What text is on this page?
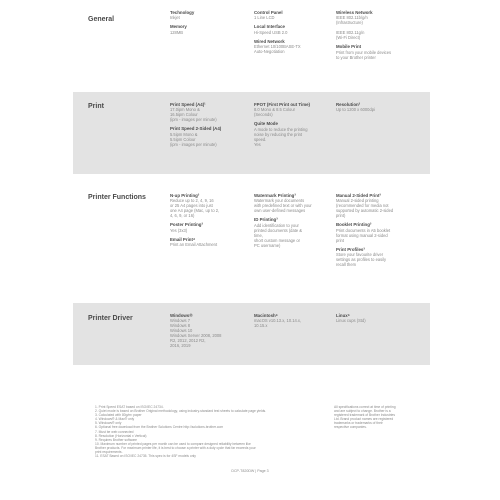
General
Technology
Inkjet
Memory
128MB
Control Panel
1 Line LCD
Local Interface
Hi-Speed USB 2.0
Wired Network
Ethernet 10/100BASE-TX
Auto-Negotiation
Wireless Network
IEEE 802.11b/g/n
(Infrastructure)

IEEE 802.11g/n
(Wi-Fi Direct)
Mobile Print
Print from your mobile devices
to your Brother printer
Print	Print Speed (A4)¹
17.0ipm Mono &
16.5ipm Colour
(ipm - images per minute)
Print Speed 2-Sided (A4)
5.5ipm Mono &
5.5ipm Colour
(ipm - images per minute)
FPOT (First Print out Time)
8.0 Mono & 8.5 Colour
(Seconds)
Quite Mode
A mode to reduce the printing
noise by reducing the print
speed.
Yes
Resolution³
Up to 1200 x 6000dpi
Printer Functions	N-up Printing³
Reduce up to 2, 4, 9, 16
or 25 A4 pages into just
one A4 page (Mac, up to 2,
4, 6, 9, or 16)
Poster Printing³
Yes (3x3)
Email Print⁴
Print an Email Attachment
Watermark Printing³
Watermark your documents
with predefined text or with your
own user-defined messages
ID Printing³
Add identification to your
printed documents (date &
time,
short custom message or
PC username)
Manual 2-Sided Print³
Manual 2-sided printing
(recommended for media not
supported by automatic 2-sided
print)
Booklet Printing³
Print documents in A5 booklet
format using manual 2-sided
print
Print Profiles³
Store your favourite driver
settings as profiles to easily
recall them
Printer Driver	Windows®
Windows 7
Windows 8
Windows 10
Windows Server 2008, 2008
R2, 2012, 2012 R2,
2016, 2019
Macintosh⁶
macOS v10.13.x, 10.14.x,
10.15.x
Linux⁶
Linux cups (Std)
1. Print Speed ESAT based on ISO/IEC 24734.
2. Quiet mode is based on Brother Original methodology, using industry-standard test sheets to calculate page yields.
3. Calculated with 80g/m² paper
4. Windows® & Mac® only
5. Windows® only
6. Optional free download from the Brother Solutions Centre http://solutions.brother.com
7. Must be web connected
8. Resolution (Horizontal x Vertical)
9. Requires Brother software
10. Maximum number of printed pages per month can be used to compare designed reliability between like
Brother products. For maximum printer life, it is best to choose a printer with a duty cycle that far exceeds your
print requirements.
11. ESAT Based on ISO/IEC 24735. This spec is for 4SF models only
All specifications correct at time of printing
and are subject to change. Brother is a
registered trademark of Brother Industries
Ltd. Brand product names are registered
trademarks or trademarks of their
respective companies.
DCP-T820DW | Page 3
